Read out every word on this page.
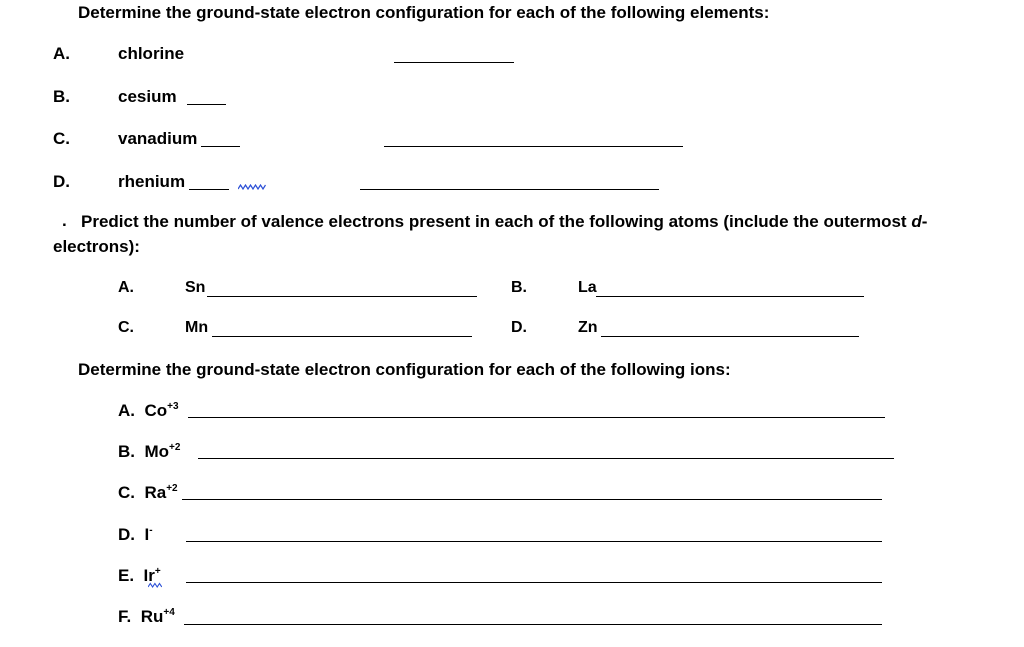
Determine the ground-state electron configuration for each of the following elements:
A.	chlorine
B.	cesium
C.	vanadium
D.	rhenium
. Predict the number of valence electrons present in each of the following atoms (include the outermost d-
electrons):
A.	Sn	B.	La
C.	Mn	D.	Zn
Determine the ground-state electron configuration for each of the following ions:
A. $Co^{+3}$
B. $Mo^{+2}$
C. $Ra^{+2}$
D. I-
E. Ir+
F. $Ru^{+4}$
